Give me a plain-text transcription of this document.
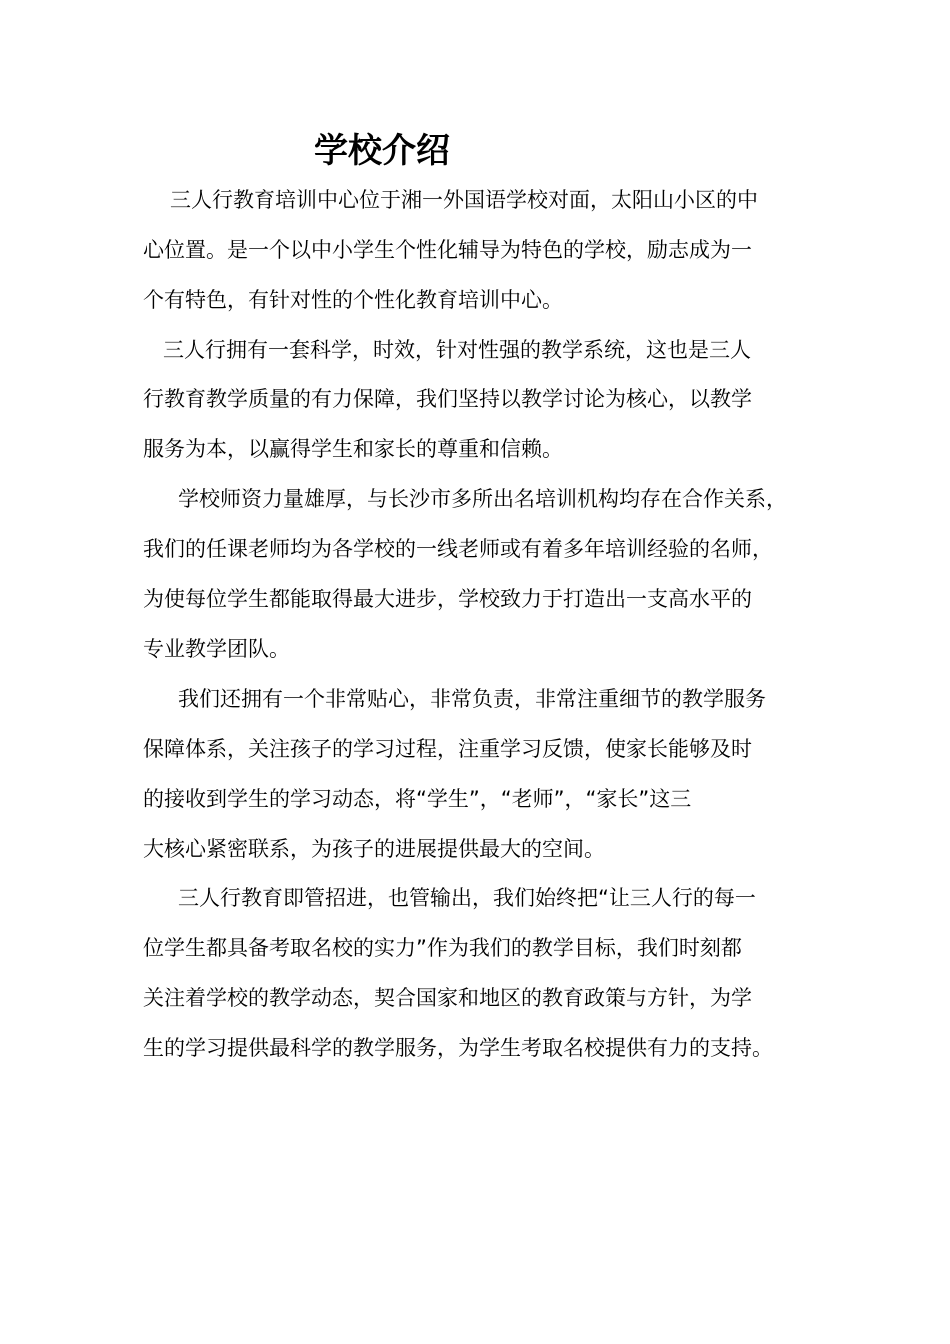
学校介绍

三人行教育培训中心位于湘一外国语学校对面，太阳山小区的中

心位置。是一个以中小学生个性化辅导为特色的学校，励志成为一

个有特色，有针对性的个性化教育培训中心。

三人行拥有一套科学，时效，针对性强的教学系统，这也是三人

行教育教学质量的有力保障，我们坚持以教学讨论为核心，以教学

服务为本，以赢得学生和家长的尊重和信赖。

学校师资力量雄厚，与长沙市多所出名培训机构均存在合作关系，

我们的任课老师均为各学校的一线老师或有着多年培训经验的名师，

为使每位学生都能取得最大进步，学校致力于打造出一支高水平的

专业教学团队。

我们还拥有一个非常贴心，非常负责，非常注重细节的教学服务

保障体系，关注孩子的学习过程，注重学习反馈，使家长能够及时

的接收到学生的学习动态，将“学生”，“老师”，“家长”这三

大核心紧密联系，为孩子的进展提供最大的空间。

三人行教育即管招进，也管输出，我们始终把“让三人行的每一

位学生都具备考取名校的实力”作为我们的教学目标，我们时刻都

关注着学校的教学动态，契合国家和地区的教育政策与方针，为学

生的学习提供最科学的教学服务，为学生考取名校提供有力的支持。
